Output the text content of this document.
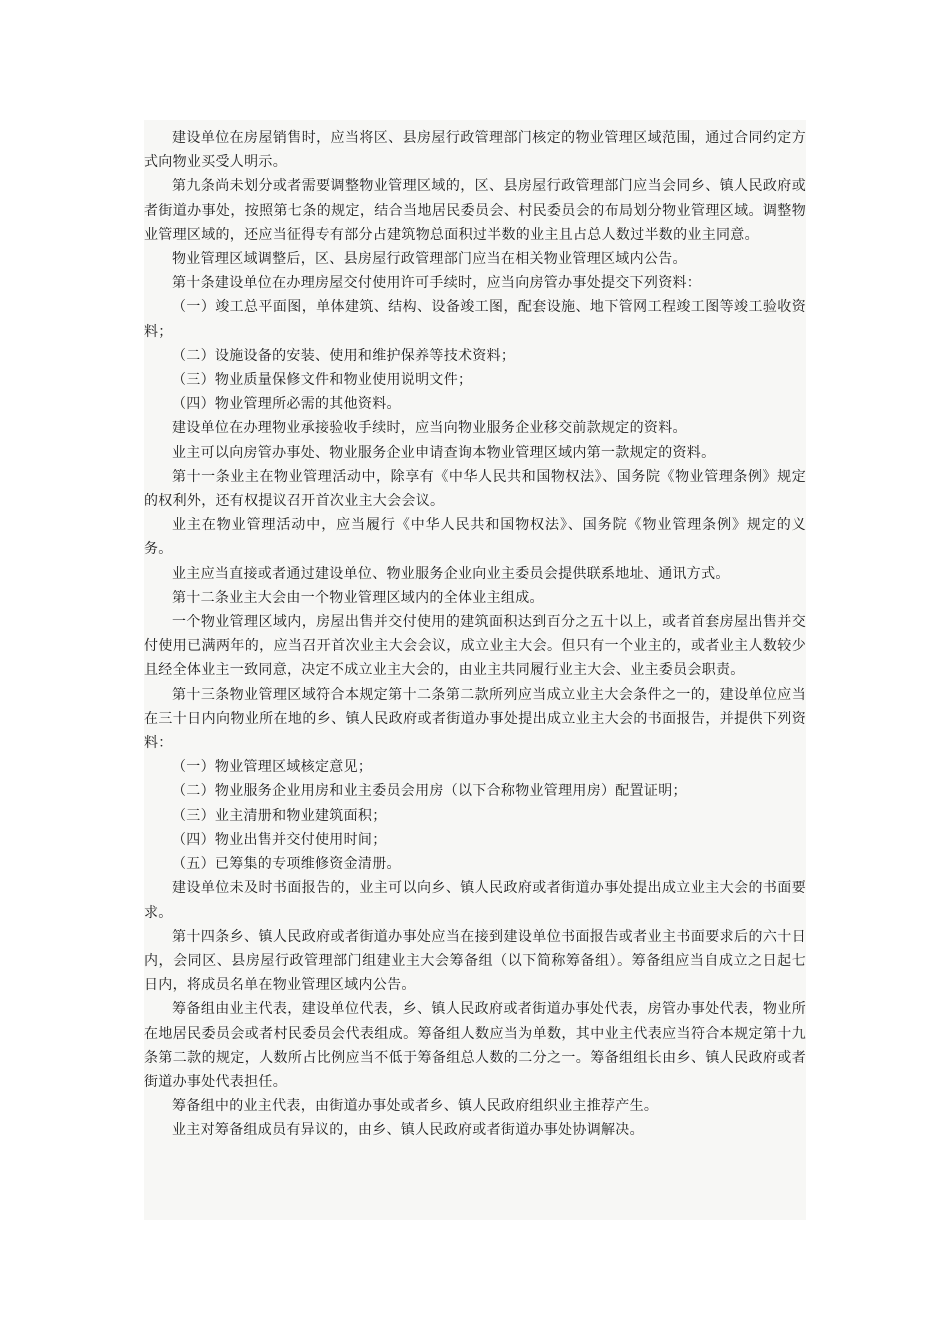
建设单位在房屋销售时，应当将区、县房屋行政管理部门核定的物业管理区域范围，通过合同约定方式向物业买受人明示。

第九条尚未划分或者需要调整物业管理区域的，区、县房屋行政管理部门应当会同乡、镇人民政府或者街道办事处，按照第七条的规定，结合当地居民委员会、村民委员会的布局划分物业管理区域。调整物业管理区域的，还应当征得专有部分占建筑物总面积过半数的业主且占总人数过半数的业主同意。

物业管理区域调整后，区、县房屋行政管理部门应当在相关物业管理区域内公告。

第十条建设单位在办理房屋交付使用许可手续时，应当向房管办事处提交下列资料：

（一）竣工总平面图，单体建筑、结构、设备竣工图，配套设施、地下管网工程竣工图等竣工验收资料；

（二）设施设备的安装、使用和维护保养等技术资料；

（三）物业质量保修文件和物业使用说明文件；

（四）物业管理所必需的其他资料。

建设单位在办理物业承接验收手续时，应当向物业服务企业移交前款规定的资料。

业主可以向房管办事处、物业服务企业申请查询本物业管理区域内第一款规定的资料。

第十一条业主在物业管理活动中，除享有《中华人民共和国物权法》、国务院《物业管理条例》规定的权利外，还有权提议召开首次业主大会会议。

业主在物业管理活动中，应当履行《中华人民共和国物权法》、国务院《物业管理条例》规定的义务。

业主应当直接或者通过建设单位、物业服务企业向业主委员会提供联系地址、通讯方式。

第十二条业主大会由一个物业管理区域内的全体业主组成。

一个物业管理区域内，房屋出售并交付使用的建筑面积达到百分之五十以上，或者首套房屋出售并交付使用已满两年的，应当召开首次业主大会会议，成立业主大会。但只有一个业主的，或者业主人数较少且经全体业主一致同意，决定不成立业主大会的，由业主共同履行业主大会、业主委员会职责。

第十三条物业管理区域符合本规定第十二条第二款所列应当成立业主大会条件之一的，建设单位应当在三十日内向物业所在地的乡、镇人民政府或者街道办事处提出成立业主大会的书面报告，并提供下列资料：

（一）物业管理区域核定意见；

（二）物业服务企业用房和业主委员会用房（以下合称物业管理用房）配置证明；

（三）业主清册和物业建筑面积；

（四）物业出售并交付使用时间；

（五）已筹集的专项维修资金清册。

建设单位未及时书面报告的，业主可以向乡、镇人民政府或者街道办事处提出成立业主大会的书面要求。

第十四条乡、镇人民政府或者街道办事处应当在接到建设单位书面报告或者业主书面要求后的六十日内，会同区、县房屋行政管理部门组建业主大会筹备组（以下简称筹备组）。筹备组应当自成立之日起七日内，将成员名单在物业管理区域内公告。

筹备组由业主代表，建设单位代表，乡、镇人民政府或者街道办事处代表，房管办事处代表，物业所在地居民委员会或者村民委员会代表组成。筹备组人数应当为单数，其中业主代表应当符合本规定第十九条第二款的规定，人数所占比例应当不低于筹备组总人数的二分之一。筹备组组长由乡、镇人民政府或者街道办事处代表担任。

筹备组中的业主代表，由街道办事处或者乡、镇人民政府组织业主推荐产生。

业主对筹备组成员有异议的，由乡、镇人民政府或者街道办事处协调解决。
